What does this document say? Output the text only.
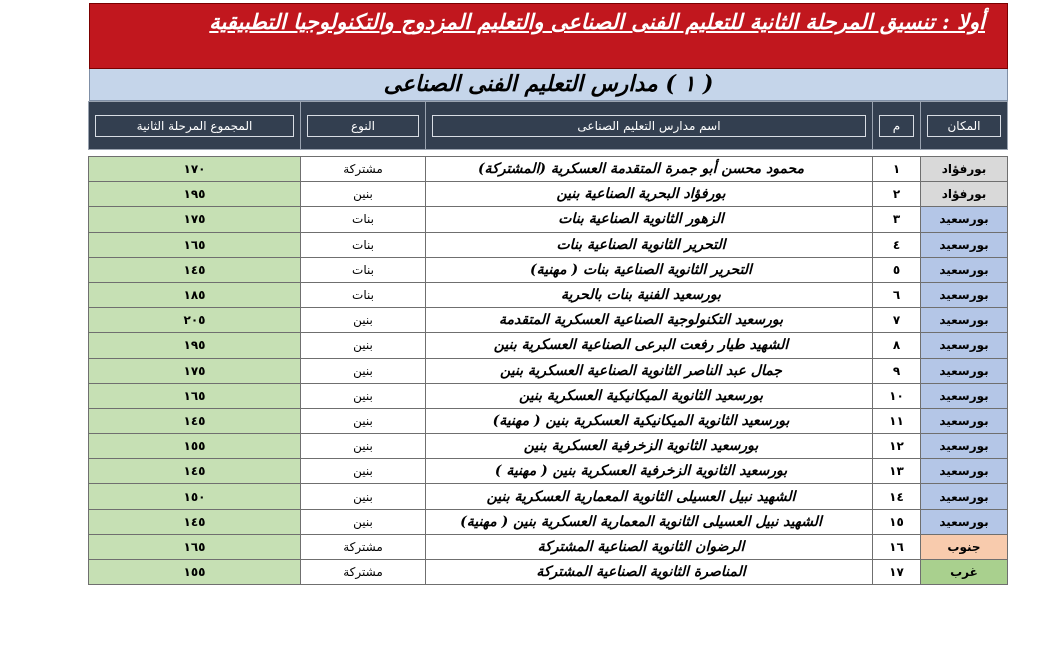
أولا : تنسيق المرحلة الثانية للتعليم الفنى الصناعى والتعليم المزدوج والتكنولوجيا التطبيقية
( ١ ) مدارس التعليم الفنى الصناعى
المكان	م	اسم مدارس التعليم الصناعى	النوع	المجموع المرحلة الثانية

بورفؤاد	١	محمود محسن أبو جمرة المتقدمة العسكرية (المشتركة)	مشتركة	١٧٠
بورفؤاد	٢	بورفؤاد البحرية الصناعية بنين	بنين	١٩٥
بورسعيد	٣	الزهور الثانوية الصناعية بنات	بنات	١٧٥
بورسعيد	٤	التحرير الثانوية الصناعية بنات	بنات	١٦٥
بورسعيد	٥	التحرير الثانوية الصناعية بنات ( مهنية)	بنات	١٤٥
بورسعيد	٦	بورسعيد الفنية بنات بالحرية	بنات	١٨٥
بورسعيد	٧	بورسعيد التكنولوجية الصناعية العسكرية المتقدمة	بنين	٢٠٥
بورسعيد	٨	الشهيد طيار رفعت البرعى الصناعية العسكرية بنين	بنين	١٩٥
بورسعيد	٩	جمال عبد الناصر الثانوية الصناعية العسكرية بنين	بنين	١٧٥
بورسعيد	١٠	بورسعيد الثانوية الميكانيكية العسكرية بنين	بنين	١٦٥
بورسعيد	١١	بورسعيد الثانوية الميكانيكية العسكرية بنين ( مهنية)	بنين	١٤٥
بورسعيد	١٢	بورسعيد الثانوية الزخرفية العسكرية بنين	بنين	١٥٥
بورسعيد	١٣	بورسعيد الثانوية الزخرفية العسكرية بنين ( مهنية )	بنين	١٤٥
بورسعيد	١٤	الشهيد نبيل العسيلى الثانوية المعمارية العسكرية بنين	بنين	١٥٠
بورسعيد	١٥	الشهيد نبيل العسيلى الثانوية المعمارية العسكرية بنين ( مهنية)	بنين	١٤٥
جنوب	١٦	الرضوان الثانوية الصناعية المشتركة	مشتركة	١٦٥
غرب	١٧	المناصرة الثانوية الصناعية المشتركة	مشتركة	١٥٥
